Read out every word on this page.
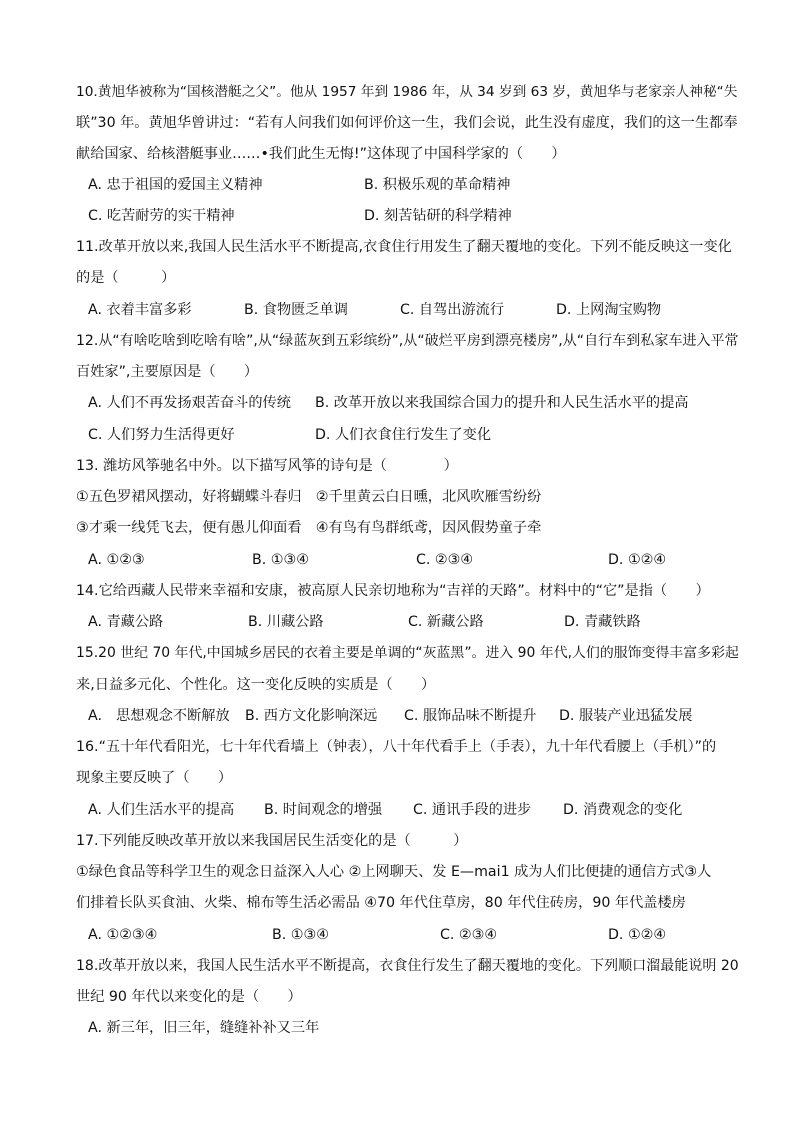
10.黄旭华被称为“国核潜艇之父”。他从 1957 年到 1986 年，从 34 岁到 63 岁，黄旭华与老家亲人神秘“失
联”30 年。黄旭华曾讲过：“若有人问我们如何评价这一生，我们会说，此生没有虚度，我们的这一生都奉
献给国家、给核潜艇事业……•我们此生无悔!”这体现了中国科学家的（　　）
A. 忠于祖国的爱国主义精神	B. 积极乐观的革命精神
C. 吃苦耐劳的实干精神	D. 刻苦钻研的科学精神
11.改革开放以来,我国人民生活水平不断提高,衣食住行用发生了翻天覆地的变化。下列不能反映这一变化
的是（　　　）
A. 衣着丰富多彩	B. 食物匮乏单调	C. 自驾出游流行	D. 上网淘宝购物
12.从“有啥吃啥到吃啥有啥”,从“绿蓝灰到五彩缤纷”,从“破烂平房到漂亮楼房”,从“自行车到私家车进入平常
百姓家”,主要原因是（　　）
A. 人们不再发扬艰苦奋斗的传统 B. 改革开放以来我国综合国力的提升和人民生活水平的提高
C. 人们努力生活得更好	D. 人们衣食住行发生了变化
13. 潍坊风筝驰名中外。以下描写风筝的诗句是（　　　　）
①五色罗裙风摆动，好将蝴蝶斗春归　②千里黄云白日曛，北风吹雁雪纷纷
③才乘一线凭飞去，便有愚儿仰面看　④有鸟有鸟群纸鸢，因风假势童子牵
A. ①②③	B. ①③④	C. ②③④	D. ①②④
14.它给西藏人民带来幸福和安康，被高原人民亲切地称为“吉祥的天路”。材料中的“它”是指（　　）
A. 青藏公路	B. 川藏公路	C. 新藏公路	D. 青藏铁路
15.20 世纪 70 年代,中国城乡居民的衣着主要是单调的“灰蓝黑”。进入 90 年代,人们的服饰变得丰富多彩起
来,日益多元化、个性化。这一变化反映的实质是（　　）
A.　思想观念不断解放 B. 西方文化影响深远 C. 服饰品味不断提升 D. 服装产业迅猛发展
16.“五十年代看阳光，七十年代看墙上（钟表），八十年代看手上（手表），九十年代看腰上（手机）”的
现象主要反映了（　　）
A. 人们生活水平的提高 B. 时间观念的增强 C. 通讯手段的进步 D. 消费观念的变化
17.下列能反映改革开放以来我国居民生活变化的是（　　　）
①绿色食品等科学卫生的观念日益深入人心 ②上网聊天、发 E—mai1 成为人们比便捷的通信方式③人
们排着长队买食油、火柴、棉布等生活必需品 ④70 年代住草房，80 年代住砖房，90 年代盖楼房
A. ①②③④	B. ①③④	C. ②③④	D. ①②④
18.改革开放以来，我国人民生活水平不断提高，衣食住行发生了翻天覆地的变化。下列顺口溜最能说明 20
世纪 90 年代以来变化的是（　　）
A. 新三年，旧三年，缝缝补补又三年
